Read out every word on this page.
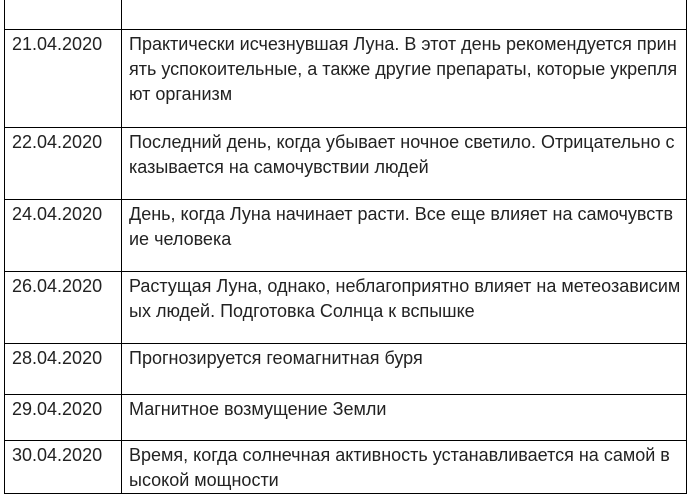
21.04.2020	Практически исчезнувшая Луна. В этот день рекомендуется принять успокоительные, а также другие препараты, которые укрепляют организм
22.04.2020	Последний день, когда убывает ночное светило. Отрицательно сказывается на самочувствии людей
24.04.2020	День, когда Луна начинает расти. Все еще влияет на самочувствие человека
26.04.2020	Растущая Луна, однако, неблагоприятно влияет на метеозависимых людей. Подготовка Солнца к вспышке
28.04.2020	Прогнозируется геомагнитная буря
29.04.2020	Магнитное возмущение Земли
30.04.2020	Время, когда солнечная активность устанавливается на самой высокой мощности
